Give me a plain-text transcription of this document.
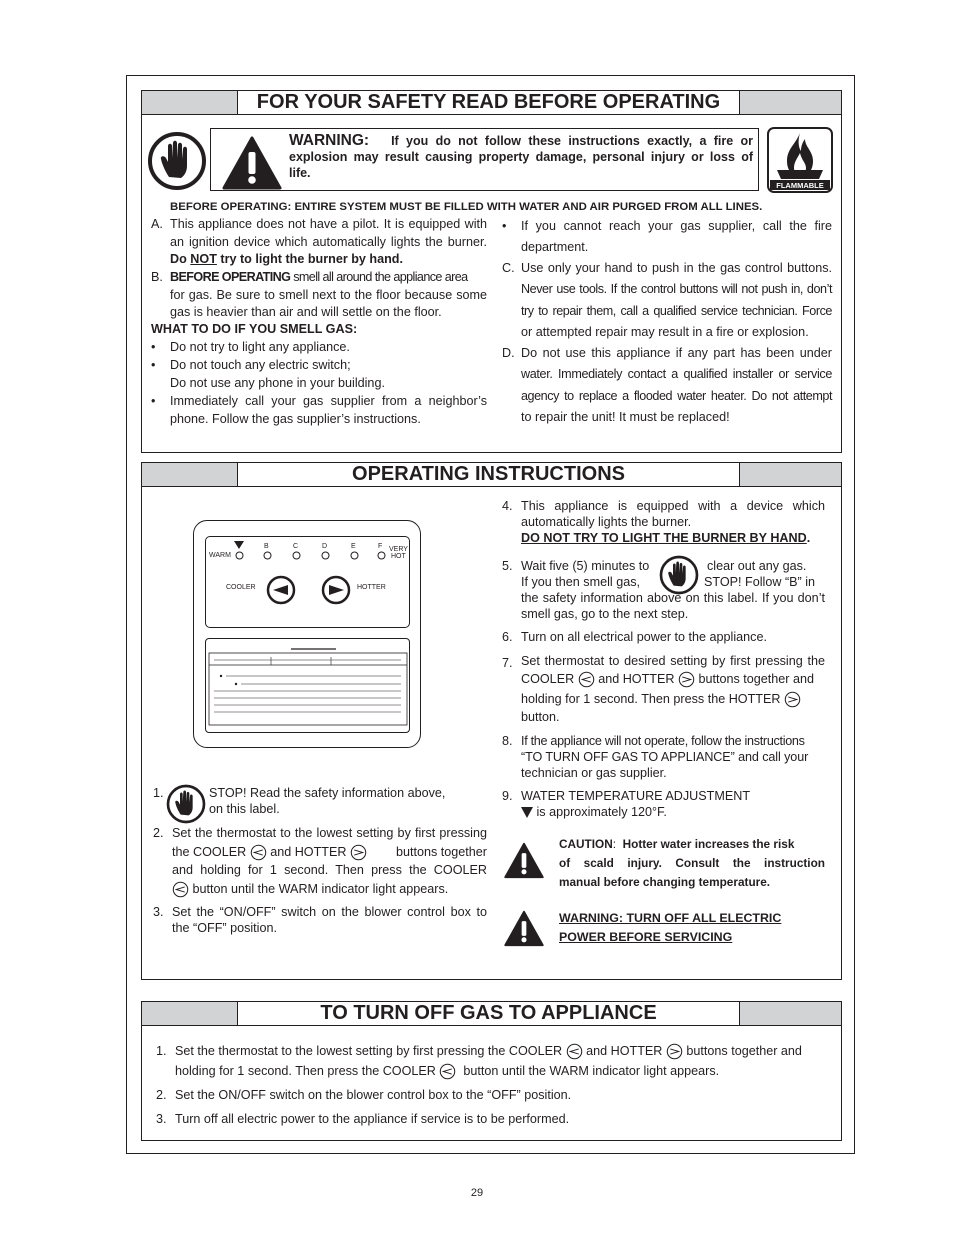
FOR YOUR SAFETY READ BEFORE OPERATING
WARNING: If you do not follow these instructions exactly, a fire or
explosion may result causing property damage, personal injury or loss of
life.
FLAMMABLE
BEFORE OPERATING: ENTIRE SYSTEM MUST BE FILLED WITH WATER AND AIR PURGED FROM ALL LINES.
A. This appliance does not have a pilot. It is equipped with
an ignition device which automatically lights the burner.
Do NOT try to light the burner by hand.
B. BEFORE OPERATING smell all around the appliance area
for gas. Be sure to smell next to the floor because some
gas is heavier than air and will settle on the floor.
WHAT TO DO IF YOU SMELL GAS:
• Do not try to light any appliance.
• Do not touch any electric switch;
Do not use any phone in your building.
• Immediately call your gas supplier from a neighbor’s
phone. Follow the gas supplier’s instructions.
• If you cannot reach your gas supplier, call the fire
department.
C. Use only your hand to push in the gas control buttons.
Never use tools. If the control buttons will not push in, don’t
try to repair them, call a qualified service technician. Force
or attempted repair may result in a fire or explosion.
D. Do not use this appliance if any part has been under
water. Immediately contact a qualified installer or service
agency to replace a flooded water heater. Do not attempt
to repair the unit! It must be replaced!
OPERATING INSTRUCTIONS
WARM
B	C	D	E	F VERY
HOT
COOLER	HOTTER
1.	STOP! Read the safety information above,
on this label.
2. Set the thermostat to the lowest setting by first pressing
the COOLER and HOTTER	buttons together
and holding for 1 second. Then press the COOLER
button until the WARM indicator light appears.
3. Set the “ON/OFF” switch on the blower control box to
the “OFF” position.
4. This appliance is equipped with a device which
automatically lights the burner.
DO NOT TRY TO LIGHT THE BURNER BY HAND.
5. Wait five (5) minutes to	clear out any gas.
If you then smell gas,	STOP! Follow “B” in
the safety information above on this label. If you don’t
smell gas, go to the next step.
6. Turn on all electrical power to the appliance.
7. Set thermostat to desired setting by first pressing the
COOLER and HOTTER buttons together and
holding for 1 second. Then press the HOTTER
button.
8. If the appliance will not operate, follow the instructions
“TO TURN OFF GAS TO APPLIANCE” and call your
technician or gas supplier.
9. WATER TEMPERATURE ADJUSTMENT
is approximately 120°F.
CAUTION: Hotter water increases the risk
of scald injury. Consult the instruction
manual before changing temperature.
WARNING: TURN OFF ALL ELECTRIC
POWER BEFORE SERVICING
TO TURN OFF GAS TO APPLIANCE
1. Set the thermostat to the lowest setting by first pressing the COOLER and HOTTER buttons together and
holding for 1 second. Then press the COOLER button until the WARM indicator light appears.
2. Set the ON/OFF switch on the blower control box to the “OFF” position.
3. Turn off all electric power to the appliance if service is to be performed.
29
